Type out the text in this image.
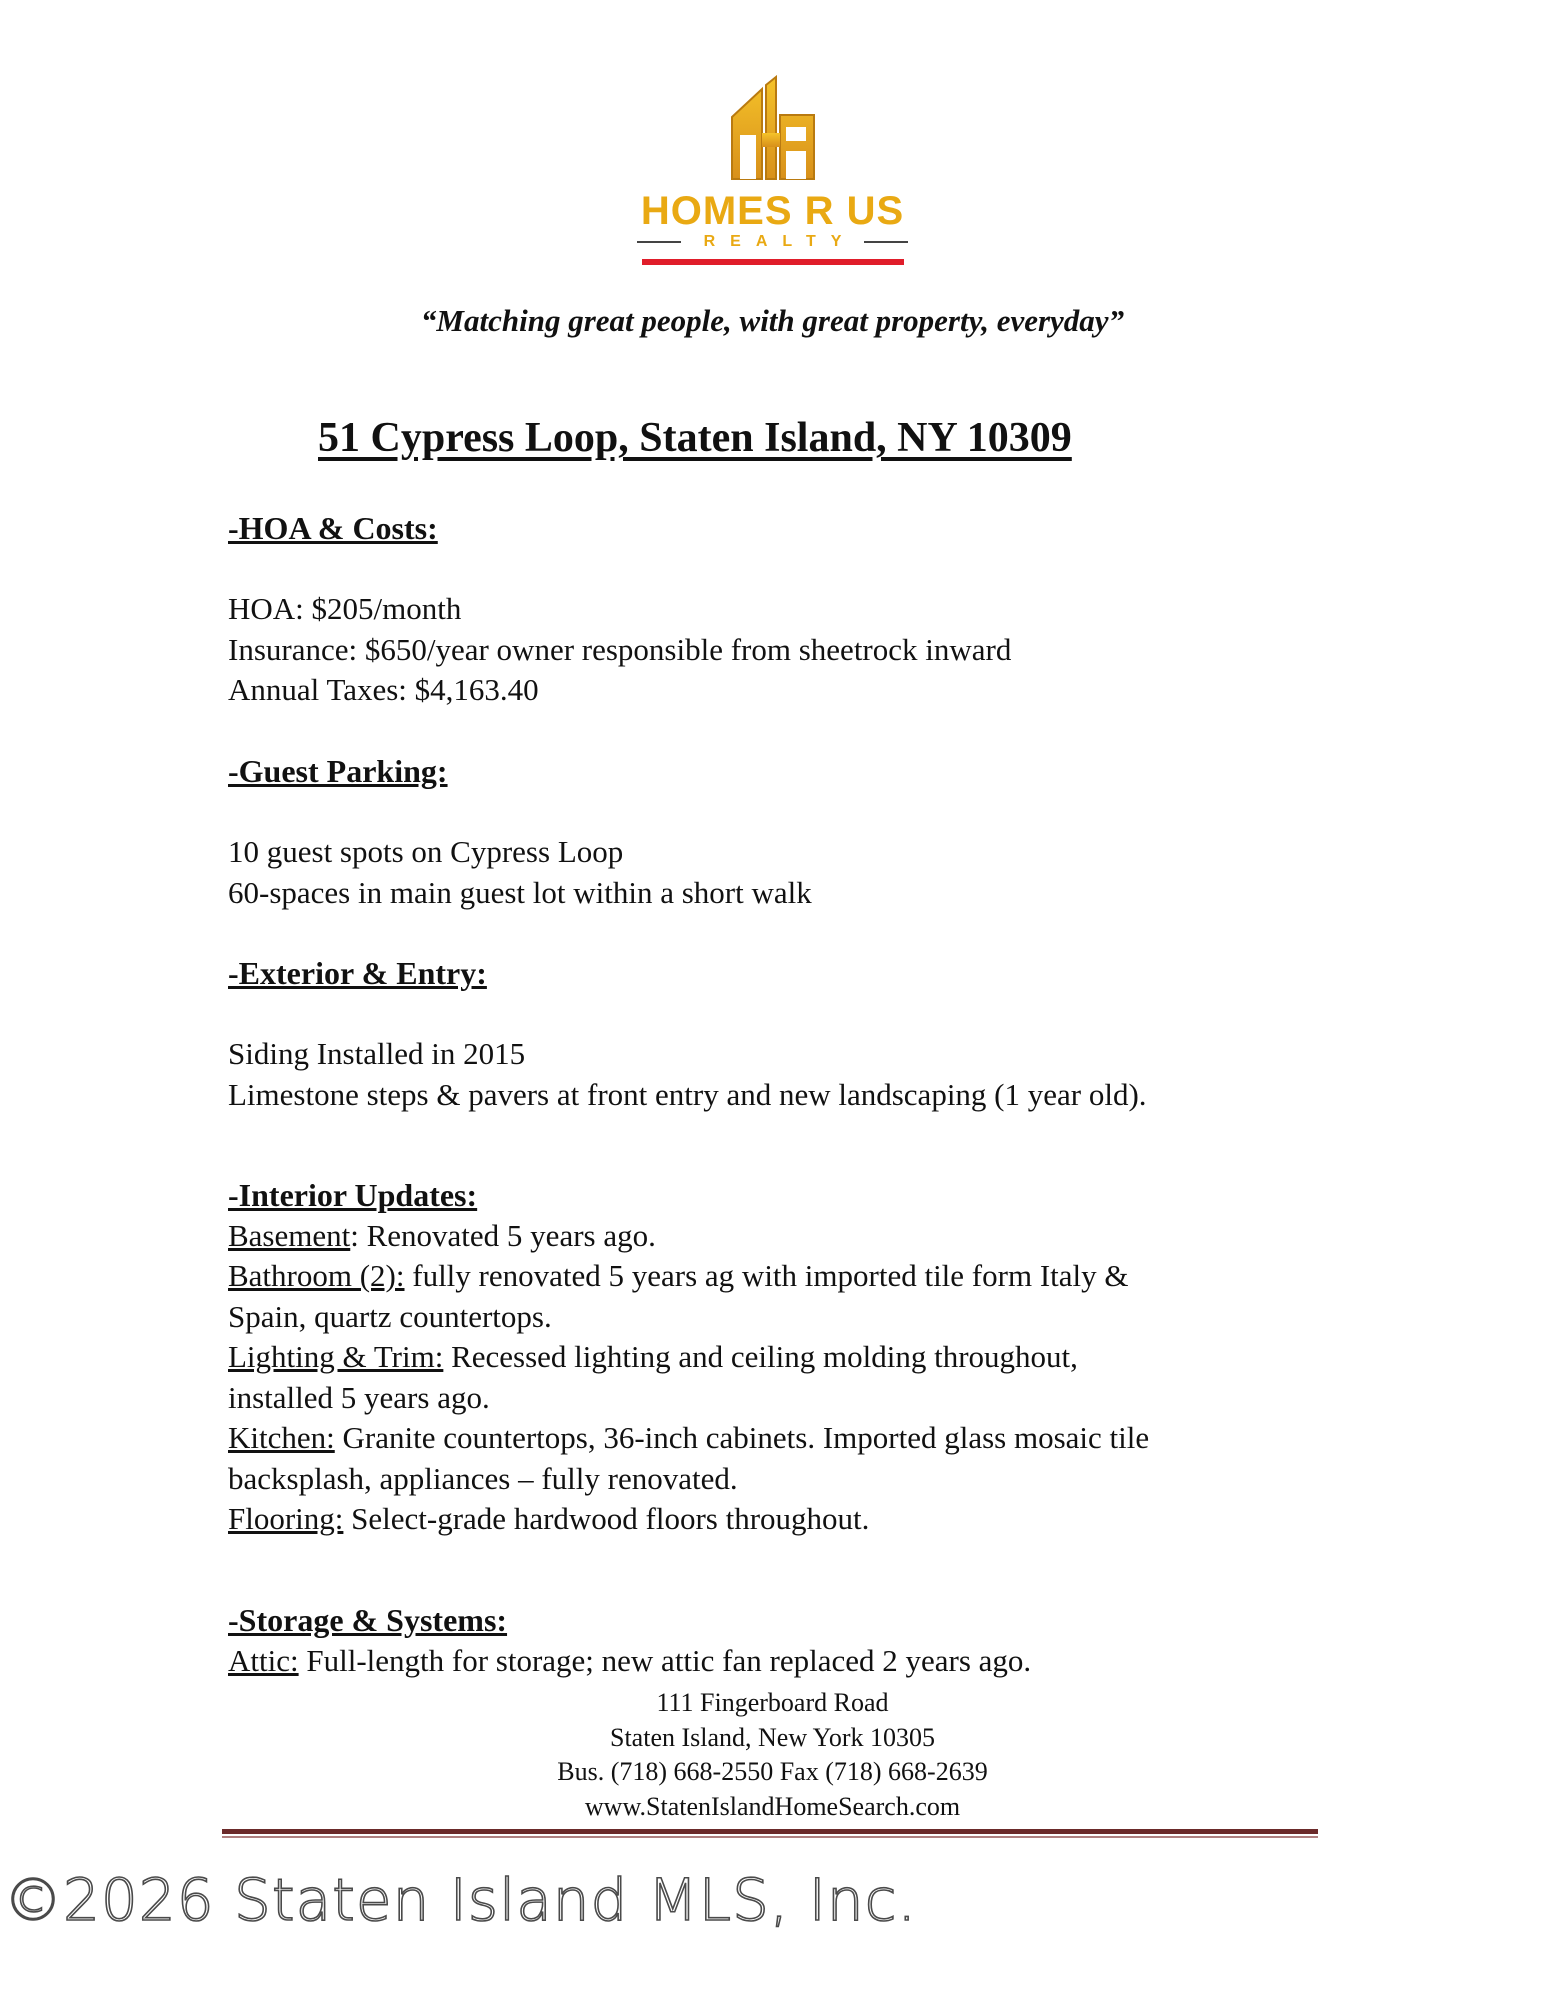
HOMES R US
REALTY
“Matching great people, with great property, everyday”
51 Cypress Loop, Staten Island, NY 10309
-HOA & Costs:
HOA: $205/month
Insurance: $650/year owner responsible from sheetrock inward
Annual Taxes: $4,163.40
-Guest Parking:
10 guest spots on Cypress Loop
60-spaces in main guest lot within a short walk
-Exterior & Entry:
Siding Installed in 2015
Limestone steps & pavers at front entry and new landscaping (1 year old).
-Interior Updates:
Basement: Renovated 5 years ago.
Bathroom (2): fully renovated 5 years ag with imported tile form Italy &
Spain, quartz countertops.
Lighting & Trim: Recessed lighting and ceiling molding throughout,
installed 5 years ago.
Kitchen: Granite countertops, 36-inch cabinets. Imported glass mosaic tile
backsplash, appliances – fully renovated.
Flooring: Select-grade hardwood floors throughout.
-Storage & Systems:
Attic: Full-length for storage; new attic fan replaced 2 years ago.
111 Fingerboard Road
Staten Island, New York 10305
Bus. (718) 668-2550 Fax (718) 668-2639
www.StatenIslandHomeSearch.com
©2026 Staten Island MLS, Inc.
